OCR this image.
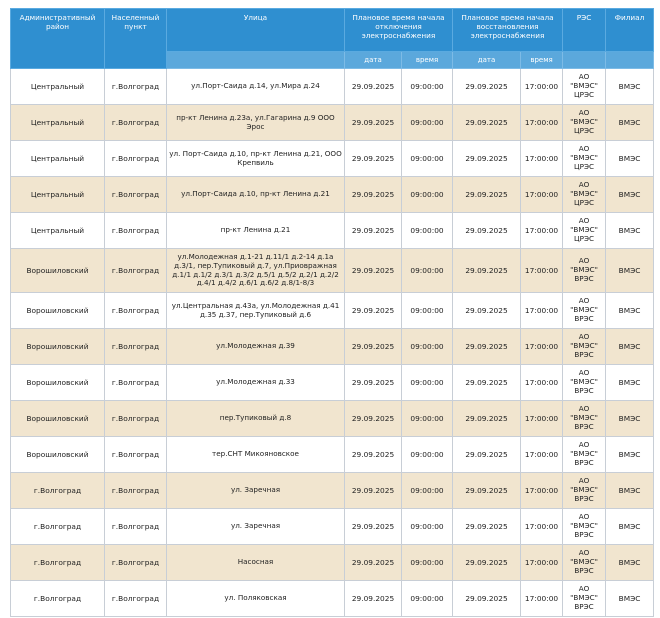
Административный район	Населенный пункт	Улица	Плановое время начала отключения электроснабжения		Плановое время начала восстановления электроснабжения		РЭС	Филиал
			дата	время	дата	время		
Центральный	г.Волгоград	ул.Порт-Саида д.14, ул.Мира д.24	29.09.2025	09:00:00	29.09.2025	17:00:00	АО "ВМЭС" ЦРЭС	ВМЭС
Центральный	г.Волгоград	пр-кт Ленина д.23а, ул.Гагарина д.9 ООО Эрос	29.09.2025	09:00:00	29.09.2025	17:00:00	АО "ВМЭС" ЦРЭС	ВМЭС
Центральный	г.Волгоград	ул. Порт-Саида д.10, пр-кт Ленина д.21, ООО Крепвиль	29.09.2025	09:00:00	29.09.2025	17:00:00	АО "ВМЭС" ЦРЭС	ВМЭС
Центральный	г.Волгоград	ул.Порт-Саида д.10, пр-кт Ленина д.21	29.09.2025	09:00:00	29.09.2025	17:00:00	АО "ВМЭС" ЦРЭС	ВМЭС
Центральный	г.Волгоград	пр-кт Ленина д.21	29.09.2025	09:00:00	29.09.2025	17:00:00	АО "ВМЭС" ЦРЭС	ВМЭС
Ворошиловский	г.Волгоград	ул.Молодежная д.1-21 д.11/1 д.2-14 д.1а д.3/1, пер.Тупиковый д.7, ул.Приовражная д.1/1 д.1/2 д.3/1 д.3/2 д.5/1 д.5/2 д.2/1 д.2/2 д.4/1 д.4/2 д.6/1 д.6/2 д.8/1-8/3	29.09.2025	09:00:00	29.09.2025	17:00:00	АО "ВМЭС" ВРЭС	ВМЭС
Ворошиловский	г.Волгоград	ул.Центральная д.43а, ул.Молодежная д.41 д.35 д.37, пер.Тупиковый д.6	29.09.2025	09:00:00	29.09.2025	17:00:00	АО "ВМЭС" ВРЭС	ВМЭС
Ворошиловский	г.Волгоград	ул.Молодежная д.39	29.09.2025	09:00:00	29.09.2025	17:00:00	АО "ВМЭС" ВРЭС	ВМЭС
Ворошиловский	г.Волгоград	ул.Молодежная д.33	29.09.2025	09:00:00	29.09.2025	17:00:00	АО "ВМЭС" ВРЭС	ВМЭС
Ворошиловский	г.Волгоград	пер.Тупиковый д.8	29.09.2025	09:00:00	29.09.2025	17:00:00	АО "ВМЭС" ВРЭС	ВМЭС
Ворошиловский	г.Волгоград	тер.СНТ Микояновское	29.09.2025	09:00:00	29.09.2025	17:00:00	АО "ВМЭС" ВРЭС	ВМЭС
г.Волгоград	г.Волгоград	ул. Заречная	29.09.2025	09:00:00	29.09.2025	17:00:00	АО "ВМЭС" ВРЭС	ВМЭС
г.Волгоград	г.Волгоград	ул. Заречная	29.09.2025	09:00:00	29.09.2025	17:00:00	АО "ВМЭС" ВРЭС	ВМЭС
г.Волгоград	г.Волгоград	Насосная	29.09.2025	09:00:00	29.09.2025	17:00:00	АО "ВМЭС" ВРЭС	ВМЭС
г.Волгоград	г.Волгоград	ул. Поляковская	29.09.2025	09:00:00	29.09.2025	17:00:00	АО "ВМЭС" ВРЭС	ВМЭС
